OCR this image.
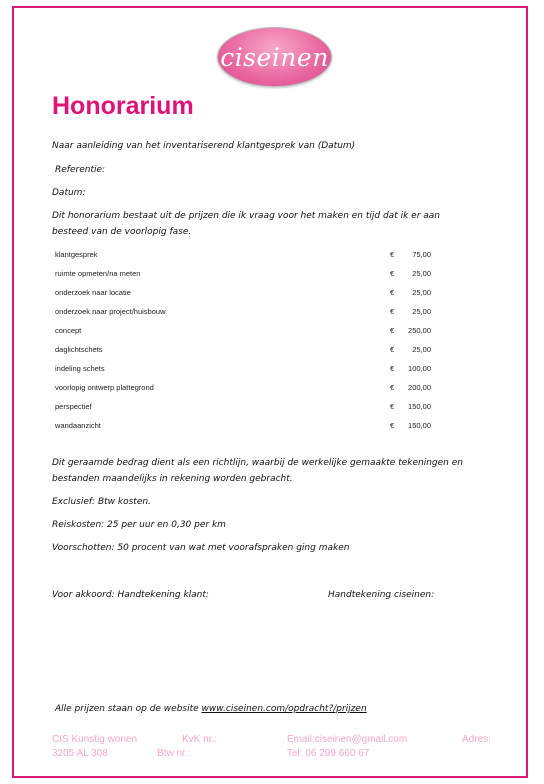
ciseinen
Honorarium
Naar aanleiding van het inventariserend klantgesprek van (Datum)
Referentie:
Datum:
Dit honorarium bestaat uit de prijzen die ik vraag voor het maken en tijd dat ik er aan
besteed van de voorlopig fase.
klantgesprek	€	75,00
ruimte opmeten/na meten	€	25,00
onderzoek naar locatie	€	25,00
onderzoek naar project/huisbouw	€	25,00
concept	€	250,00
daglichtschets	€	25,00
indeling schets	€	100,00
voorlopig ontwerp plattegrond	€	200,00
perspectief	€	150,00
wandaanzicht	€	150,00
Dit geraamde bedrag dient als een richtlijn, waarbij de werkelijke gemaakte tekeningen en
bestanden maandelijks in rekening worden gebracht.
Exclusief: Btw kosten.
Reiskosten: 25 per uur en 0,30 per km
Voorschotten: 50 procent van wat met voorafspraken ging maken
Voor akkoord: Handtekening klant:	Handtekening ciseinen:
Alle prijzen staan op de website www.ciseinen.com/opdracht?/prijzen
CIS Kunstig wonen	KvK nr.:	Email:ciseinen@gmail.com	Adres:
3205 AL 308	Btw nr.:	Tel: 06 299 660 67
